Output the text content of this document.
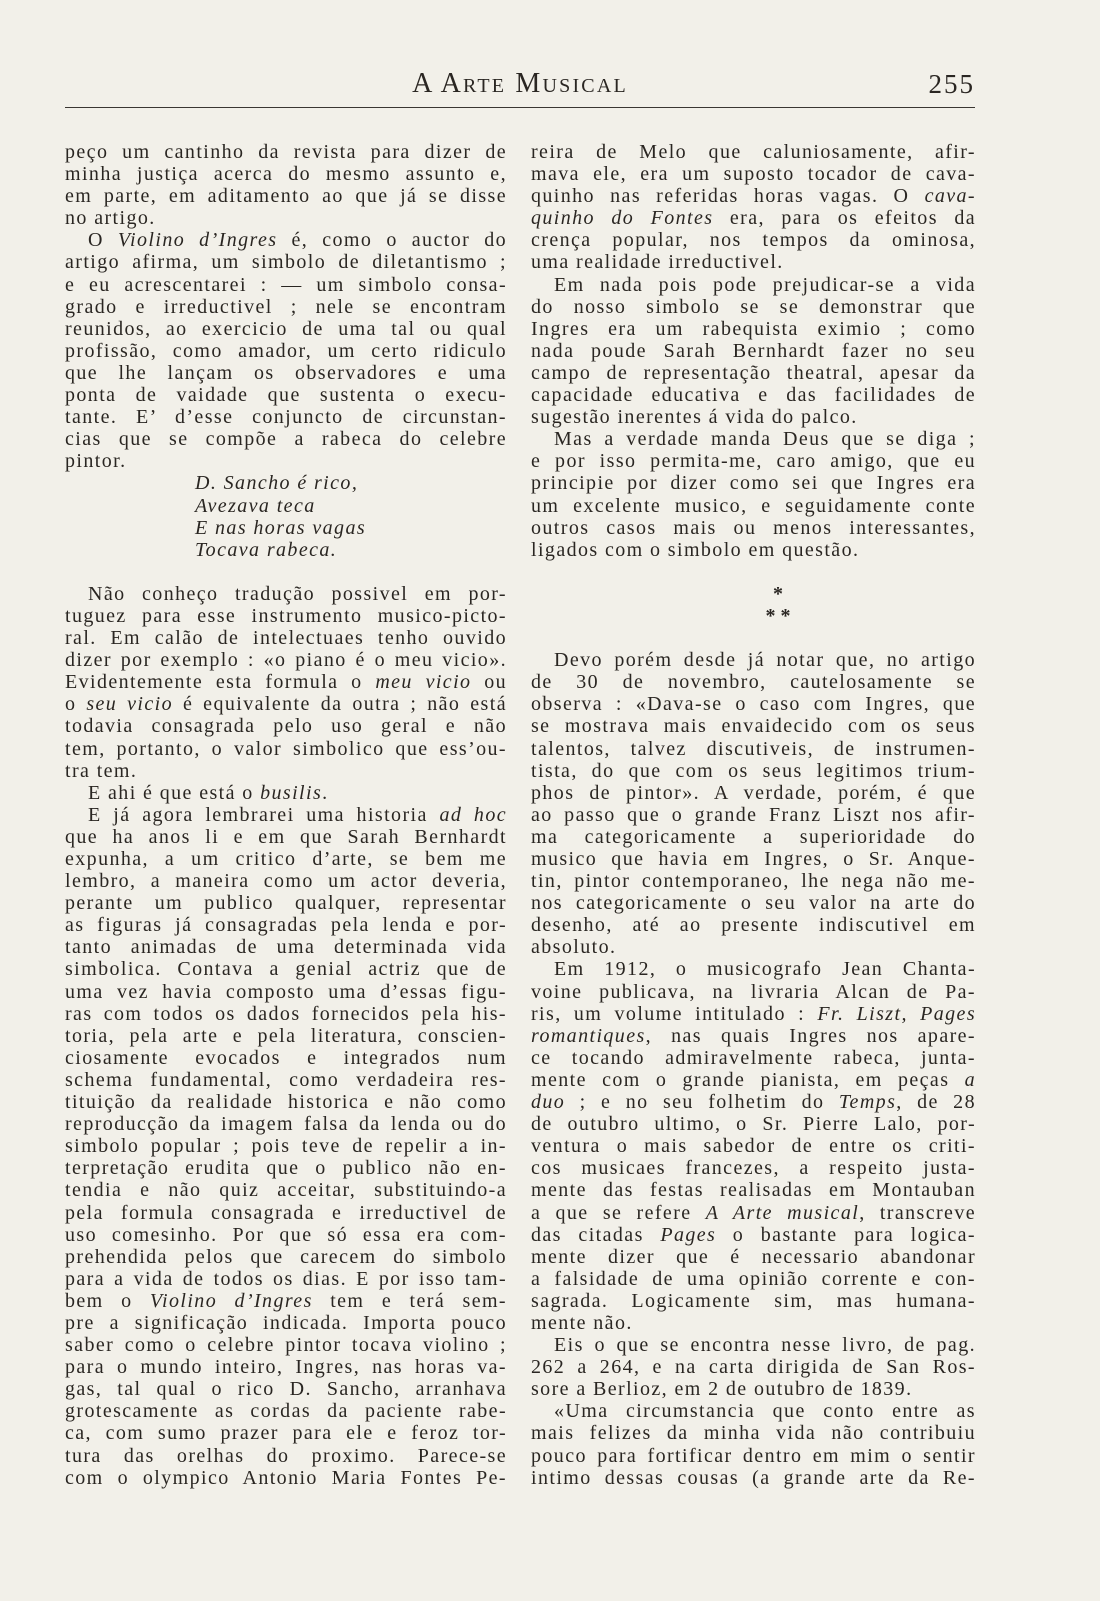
A Arte Musical	255
peço um cantinho da revista para dizer de
minha justiça acerca do mesmo assunto e,
em parte, em aditamento ao que já se disse
no artigo.
O Violino d’Ingres é, como o auctor do
artigo afirma, um simbolo de diletantismo ;
e eu acrescentarei : — um simbolo consa-
grado e irreductivel ; nele se encontram
reunidos, ao exercicio de uma tal ou qual
profissão, como amador, um certo ridiculo
que lhe lançam os observadores e uma
ponta de vaidade que sustenta o execu-
tante. E’ d’esse conjuncto de circunstan-
cias que se compõe a rabeca do celebre
pintor.
D. Sancho é rico,
Avezava teca
E nas horas vagas
Tocava rabeca.
Não conheço tradução possivel em por-
tuguez para esse instrumento musico-picto-
ral. Em calão de intelectuaes tenho ouvido
dizer por exemplo : «o piano é o meu vicio».
Evidentemente esta formula o meu vicio ou
o seu vicio é equivalente da outra ; não está
todavia consagrada pelo uso geral e não
tem, portanto, o valor simbolico que ess’ou-
tra tem.
E ahi é que está o busilis.
E já agora lembrarei uma historia ad hoc
que ha anos li e em que Sarah Bernhardt
expunha, a um critico d’arte, se bem me
lembro, a maneira como um actor deveria,
perante um publico qualquer, representar
as figuras já consagradas pela lenda e por-
tanto animadas de uma determinada vida
simbolica. Contava a genial actriz que de
uma vez havia composto uma d’essas figu-
ras com todos os dados fornecidos pela his-
toria, pela arte e pela literatura, conscien-
ciosamente evocados e integrados num
schema fundamental, como verdadeira res-
tituição da realidade historica e não como
reproducção da imagem falsa da lenda ou do
simbolo popular ; pois teve de repelir a in-
terpretação erudita que o publico não en-
tendia e não quiz acceitar, substituindo-a
pela formula consagrada e irreductivel de
uso comesinho. Por que só essa era com-
prehendida pelos que carecem do simbolo
para a vida de todos os dias. E por isso tam-
bem o Violino d’Ingres tem e terá sem-
pre a significação indicada. Importa pouco
saber como o celebre pintor tocava violino ;
para o mundo inteiro, Ingres, nas horas va-
gas, tal qual o rico D. Sancho, arranhava
grotescamente as cordas da paciente rabe-
ca, com sumo prazer para ele e feroz tor-
tura das orelhas do proximo. Parece-se
com o olympico Antonio Maria Fontes Pe-
reira de Melo que caluniosamente, afir-
mava ele, era um suposto tocador de cava-
quinho nas referidas horas vagas. O cava-
quinho do Fontes era, para os efeitos da
crença popular, nos tempos da ominosa,
uma realidade irreductivel.
Em nada pois pode prejudicar-se a vida
do nosso simbolo se se demonstrar que
Ingres era um rabequista eximio ; como
nada poude Sarah Bernhardt fazer no seu
campo de representação theatral, apesar da
capacidade educativa e das facilidades de
sugestão inerentes á vida do palco.
Mas a verdade manda Deus que se diga ;
e por isso permita-me, caro amigo, que eu
principie por dizer como sei que Ingres era
um excelente musico, e seguidamente conte
outros casos mais ou menos interessantes,
ligados com o simbolo em questão.
*
* *
Devo porém desde já notar que, no artigo
de 30 de novembro, cautelosamente se
observa : «Dava-se o caso com Ingres, que
se mostrava mais envaidecido com os seus
talentos, talvez discutiveis, de instrumen-
tista, do que com os seus legitimos trium-
phos de pintor». A verdade, porém, é que
ao passo que o grande Franz Liszt nos afir-
ma categoricamente a superioridade do
musico que havia em Ingres, o Sr. Anque-
tin, pintor contemporaneo, lhe nega não me-
nos categoricamente o seu valor na arte do
desenho, até ao presente indiscutivel em
absoluto.
Em 1912, o musicografo Jean Chanta-
voine publicava, na livraria Alcan de Pa-
ris, um volume intitulado : Fr. Liszt, Pages
romantiques, nas quais Ingres nos apare-
ce tocando admiravelmente rabeca, junta-
mente com o grande pianista, em peças a
duo ; e no seu folhetim do Temps, de 28
de outubro ultimo, o Sr. Pierre Lalo, por-
ventura o mais sabedor de entre os criti-
cos musicaes francezes, a respeito justa-
mente das festas realisadas em Montauban
a que se refere A Arte musical, transcreve
das citadas Pages o bastante para logica-
mente dizer que é necessario abandonar
a falsidade de uma opinião corrente e con-
sagrada. Logicamente sim, mas humana-
mente não.
Eis o que se encontra nesse livro, de pag.
262 a 264, e na carta dirigida de San Ros-
sore a Berlioz, em 2 de outubro de 1839.
«Uma circumstancia que conto entre as
mais felizes da minha vida não contribuiu
pouco para fortificar dentro em mim o sentir
intimo dessas cousas (a grande arte da Re-
